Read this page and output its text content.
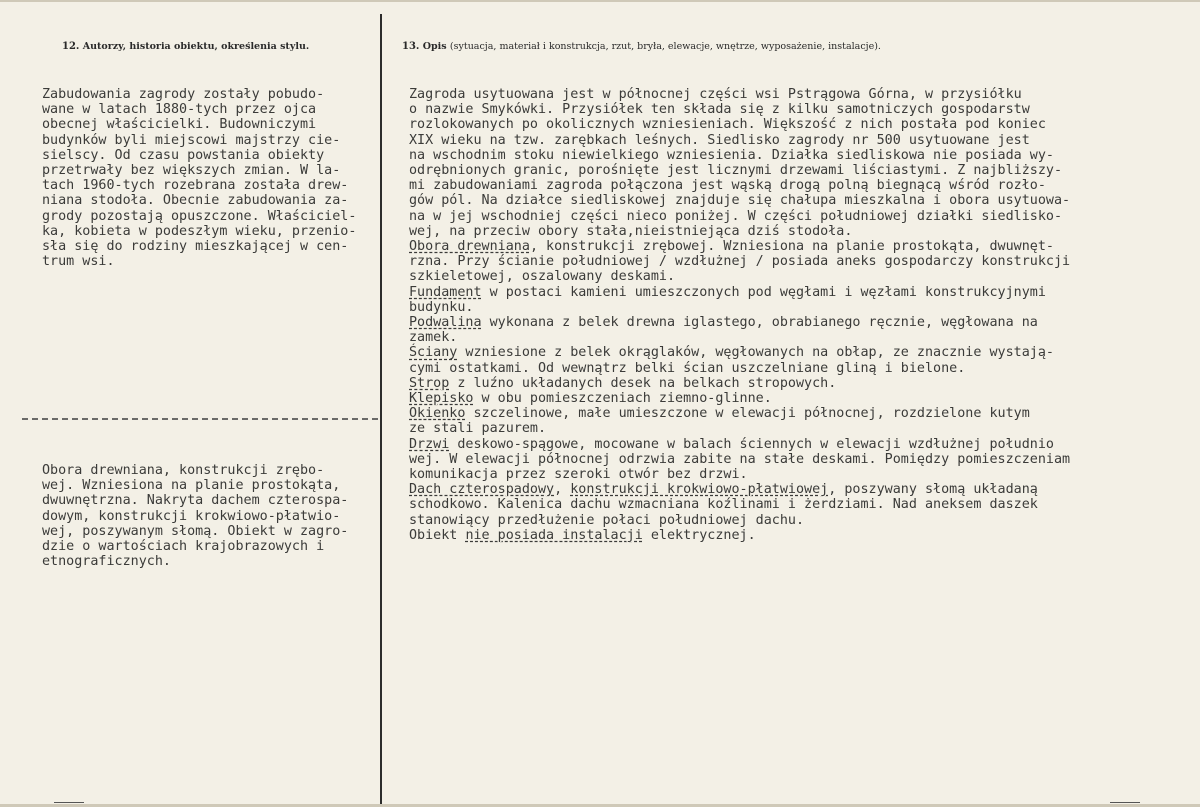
12. Autorzy, historia obiektu, określenia stylu.	13. Opis (sytuacja, materiał i konstrukcja, rzut, bryła, elewacje, wnętrze, wyposażenie, instalacje).
Zabudowania zagrody zostały pobudo-
wane w latach 1880-tych przez ojca
obecnej właścicielki. Budowniczymi
budynków byli miejscowi majstrzy cie-
sielscy. Od czasu powstania obiekty
przetrwały bez większych zmian. W la-
tach 1960-tych rozebrana została drew-
niana stodoła. Obecnie zabudowania za-
grody pozostają opuszczone. Właściciel-
ka, kobieta w podeszłym wieku, przenio-
sła się do rodziny mieszkającej w cen-
trum wsi.

Obora drewniana, konstrukcji zrębo-
wej. Wzniesiona na planie prostokąta,
dwuwnętrzna. Nakryta dachem czterospa-
dowym, konstrukcji krokwiowo-płatwio-
wej, poszywanym słomą. Obiekt w zagro-
dzie o wartościach krajobrazowych i
etnograficznych.

Zagroda usytuowana jest w północnej części wsi Pstrągowa Górna, w przysiółku
o nazwie Smykówki. Przysiółek ten składa się z kilku samotniczych gospodarstw
rozlokowanych po okolicznych wzniesieniach. Większość z nich postała pod koniec
XIX wieku na tzw. zarębkach leśnych. Siedlisko zagrody nr 500 usytuowane jest
na wschodnim stoku niewielkiego wzniesienia. Działka siedliskowa nie posiada wy-
odrębnionych granic, porośnięte jest licznymi drzewami liściastymi. Z najbliższy-
mi zabudowaniami zagroda połączona jest wąską drogą polną biegnącą wśród rozło-
gów pól. Na działce siedliskowej znajduje się chałupa mieszkalna i obora usytuowa-
na w jej wschodniej części nieco poniżej. W części południowej działki siedlisko-
wej, na przeciw obory stała,nieistniejąca dziś stodoła.
Obora drewniana, konstrukcji zrębowej. Wzniesiona na planie prostokąta, dwuwnęt-
rzna. Przy ścianie południowej / wzdłużnej / posiada aneks gospodarczy konstrukcji
szkieletowej, oszalowany deskami.
Fundament w postaci kamieni umieszczonych pod węgłami i węzłami konstrukcyjnymi
budynku.
Podwalina wykonana z belek drewna iglastego, obrabianego ręcznie, węgłowana na
zamek.
Ściany wzniesione z belek okrąglaków, węgłowanych na obłap, ze znacznie wystają-
cymi ostatkami. Od wewnątrz belki ścian uszczelniane gliną i bielone.
Strop z luźno układanych desek na belkach stropowych.
Klepisko w obu pomieszczeniach ziemno-glinne.
Okienko szczelinowe, małe umieszczone w elewacji północnej, rozdzielone kutym
ze stali pazurem.
Drzwi deskowo-spągowe, mocowane w balach ściennych w elewacji wzdłużnej południo
wej. W elewacji północnej odrzwia zabite na stałe deskami. Pomiędzy pomieszczeniam
komunikacja przez szeroki otwór bez drzwi.
Dach czterospadowy, konstrukcji krokwiowo-płatwiowej, poszywany słomą układaną
schodkowo. Kalenica dachu wzmacniana koźlinami i żerdziami. Nad aneksem daszek
stanowiący przedłużenie połaci południowej dachu.
Obiekt nie posiada instalacji elektrycznej.
